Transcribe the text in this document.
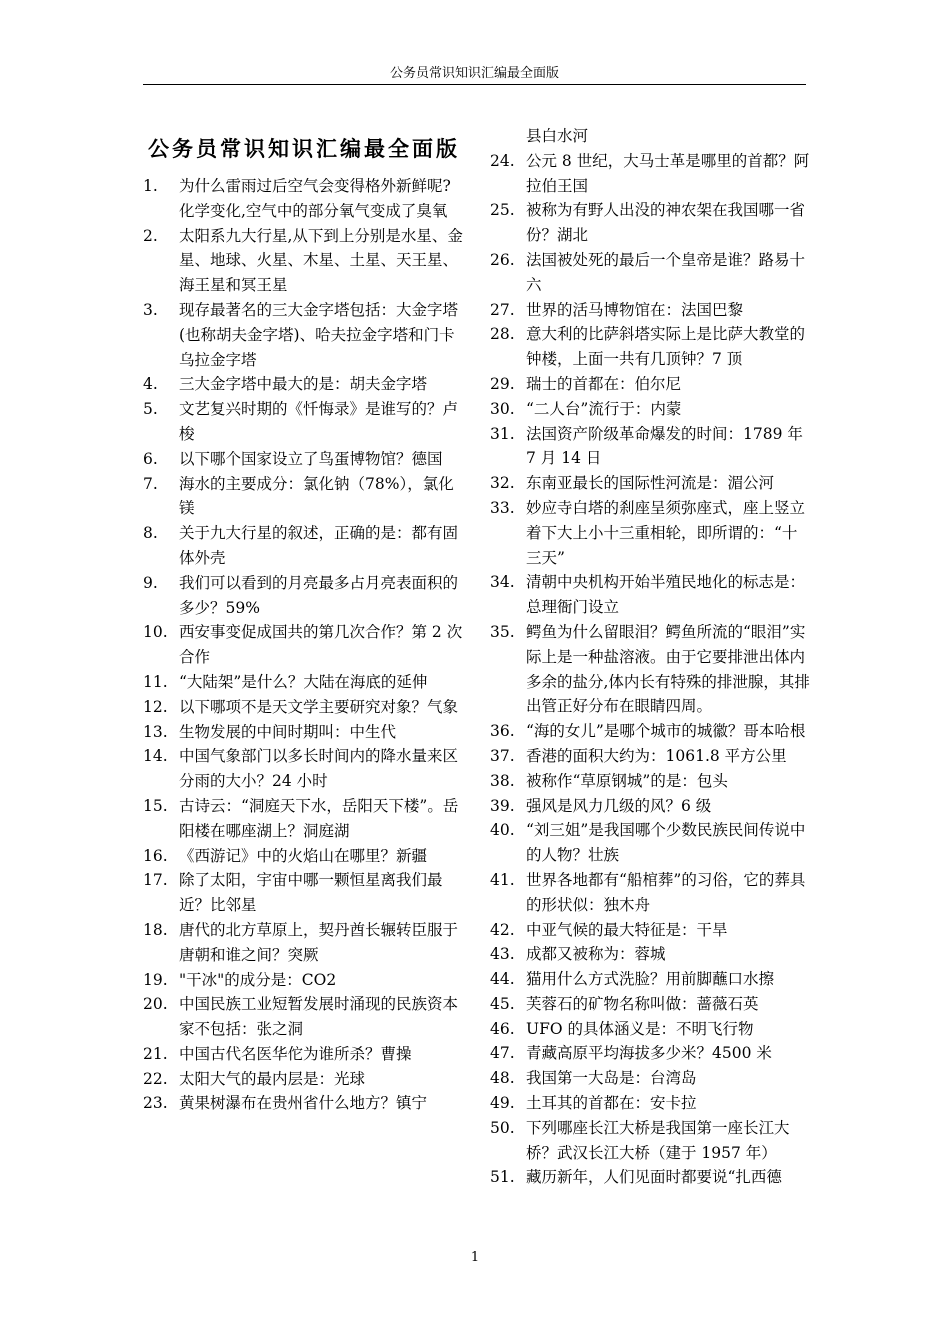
公务员常识知识汇编最全面版
公务员常识知识汇编最全面版
1.	为什么雷雨过后空气会变得格外新鲜呢?化学变化,空气中的部分氧气变成了臭氧
2.	太阳系九大行星,从下到上分别是水星、金星、地球、火星、木星、土星、天王星、海王星和冥王星
3.	现存最著名的三大金字塔包括：大金字塔(也称胡夫金字塔)、哈夫拉金字塔和门卡乌拉金字塔
4.	三大金字塔中最大的是：胡夫金字塔
5.	文艺复兴时期的《忏悔录》是谁写的？卢梭
6.	以下哪个国家设立了鸟蛋博物馆？德国
7.	海水的主要成分：氯化钠（78%），氯化镁
8.	关于九大行星的叙述，正确的是：都有固体外壳
9.	我们可以看到的月亮最多占月亮表面积的多少？59%
10. 西安事变促成国共的第几次合作？第 2 次合作
11. “大陆架”是什么？大陆在海底的延伸
12. 以下哪项不是天文学主要研究对象？气象
13. 生物发展的中间时期叫：中生代
14. 中国气象部门以多长时间内的降水量来区分雨的大小？24 小时
15. 古诗云：“洞庭天下水，岳阳天下楼”。岳阳楼在哪座湖上？洞庭湖
16. 《西游记》中的火焰山在哪里？新疆
17. 除了太阳，宇宙中哪一颗恒星离我们最近？比邻星
18. 唐代的北方草原上，契丹酋长辗转臣服于唐朝和谁之间？突厥
19. "干冰"的成分是：CO2
20. 中国民族工业短暂发展时涌现的民族资本家不包括：张之洞
21. 中国古代名医华佗为谁所杀？曹操
22. 太阳大气的最内层是：光球
23. 黄果树瀑布在贵州省什么地方？镇宁
县白水河
24. 公元 8 世纪，大马士革是哪里的首都？阿拉伯王国
25. 被称为有野人出没的神农架在我国哪一省份？湖北
26. 法国被处死的最后一个皇帝是谁？路易十六
27. 世界的活马博物馆在：法国巴黎
28. 意大利的比萨斜塔实际上是比萨大教堂的钟楼，上面一共有几顶钟？7 顶
29. 瑞士的首都在：伯尔尼
30. “二人台”流行于：内蒙
31. 法国资产阶级革命爆发的时间：1789 年 7 月 14 日
32. 东南亚最长的国际性河流是：湄公河
33. 妙应寺白塔的刹座呈须弥座式，座上竖立着下大上小十三重相轮，即所谓的：“十三天”
34. 清朝中央机构开始半殖民地化的标志是：总理衙门设立
35. 鳄鱼为什么留眼泪？鳄鱼所流的“眼泪”实际上是一种盐溶液。由于它要排泄出体内多余的盐分,体内长有特殊的排泄腺，其排出管正好分布在眼睛四周。
36. “海的女儿”是哪个城市的城徽？哥本哈根
37. 香港的面积大约为：1061.8 平方公里
38. 被称作“草原钢城”的是：包头
39. 强风是风力几级的风？6 级
40. “刘三姐”是我国哪个少数民族民间传说中的人物？壮族
41. 世界各地都有“船棺葬”的习俗，它的葬具的形状似：独木舟
42. 中亚气候的最大特征是：干旱
43. 成都又被称为：蓉城
44. 猫用什么方式洗脸？用前脚蘸口水擦
45. 芙蓉石的矿物名称叫做：蔷薇石英
46. UFO 的具体涵义是：不明飞行物
47. 青藏高原平均海拔多少米？4500 米
48. 我国第一大岛是：台湾岛
49. 土耳其的首都在：安卡拉
50. 下列哪座长江大桥是我国第一座长江大桥？武汉长江大桥（建于 1957 年）
51. 藏历新年，人们见面时都要说“扎西德
1
